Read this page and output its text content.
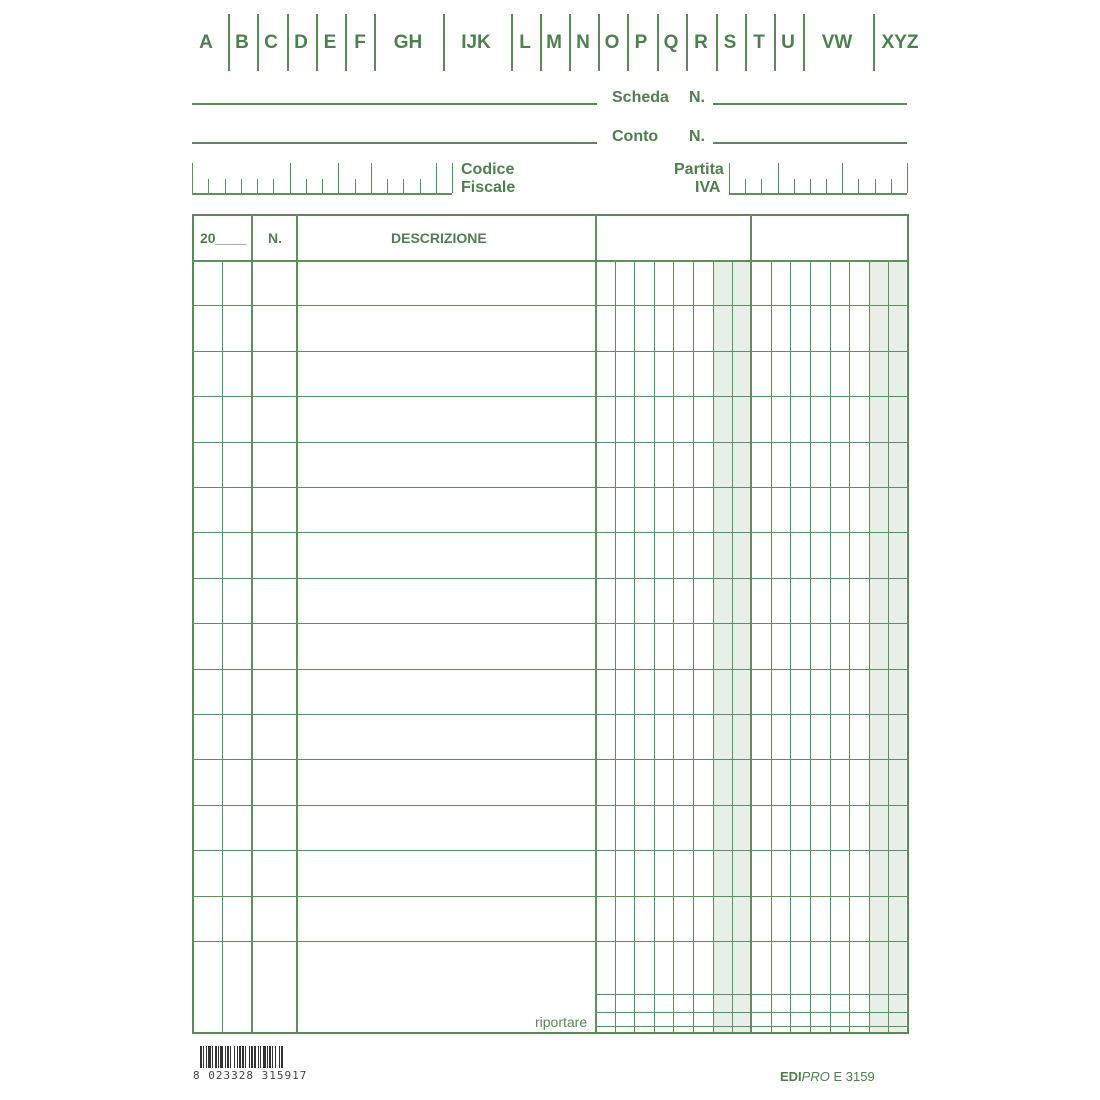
A B C D E F GH IJK L M N O P Q R S T U VW XYZ
Scheda N.
Conto N.
Codice
Fiscale
Partita
IVA
20____ N.	DESCRIZIONE
riportare
8 023328 315917	EDIPRO E 3159
